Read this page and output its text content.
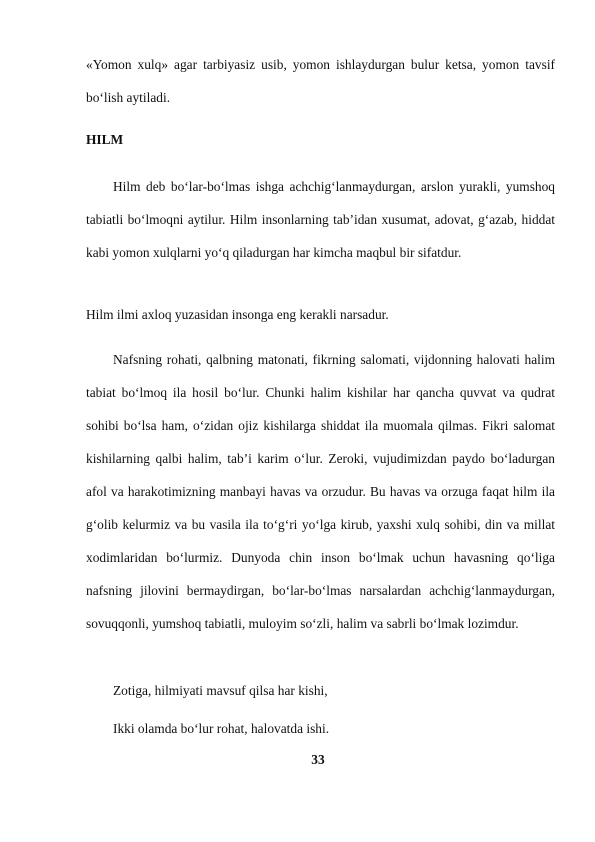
«Yomon xulq» agar tarbiyasiz usib, yomon ishlaydurgan bulur ketsa, yomon tavsif bo‘lish aytiladi.

HILM

Hilm deb bo‘lar-bo‘lmas ishga achchig‘lanmaydurgan, arslon yurakli, yumshoq tabiatli bo‘lmoqni aytilur. Hilm insonlarning tab’idan xusumat, adovat, g‘azab, hiddat kabi yomon xulqlarni yo‘q qiladurgan har kimcha maqbul bir sifatdur.

Hilm ilmi axloq yuzasidan insonga eng kerakli narsadur.

Nafsning rohati, qalbning matonati, fikrning salomati, vijdonning halovati halim tabiat bo‘lmoq ila hosil bo‘lur. Chunki halim kishilar har qancha quvvat va qudrat sohibi bo‘lsa ham, o‘zidan ojiz kishilarga shiddat ila muomala qilmas. Fikri salomat kishilarning qalbi halim, tab’i karim o‘lur. Zeroki, vujudimizdan paydo bo‘ladurgan afol va harakotimizning manbayi havas va orzudur. Bu havas va orzuga faqat hilm ila g‘olib kelurmiz va bu vasila ila to‘g‘ri yo‘lga kirub, yaxshi xulq sohibi, din va millat xodimlaridan bo‘lurmiz. Dunyoda chin inson bo‘lmak uchun havasning qo‘liga nafsning jilovini bermaydirgan, bo‘lar-bo‘lmas narsalardan achchig‘lanmaydurgan, sovuqqonli, yumshoq tabiatli, muloyim so‘zli, halim va sabrli bo‘lmak lozimdur.

Zotiga, hilmiyati mavsuf qilsa har kishi,

Ikki olamda bo‘lur rohat, halovatda ishi.

33
